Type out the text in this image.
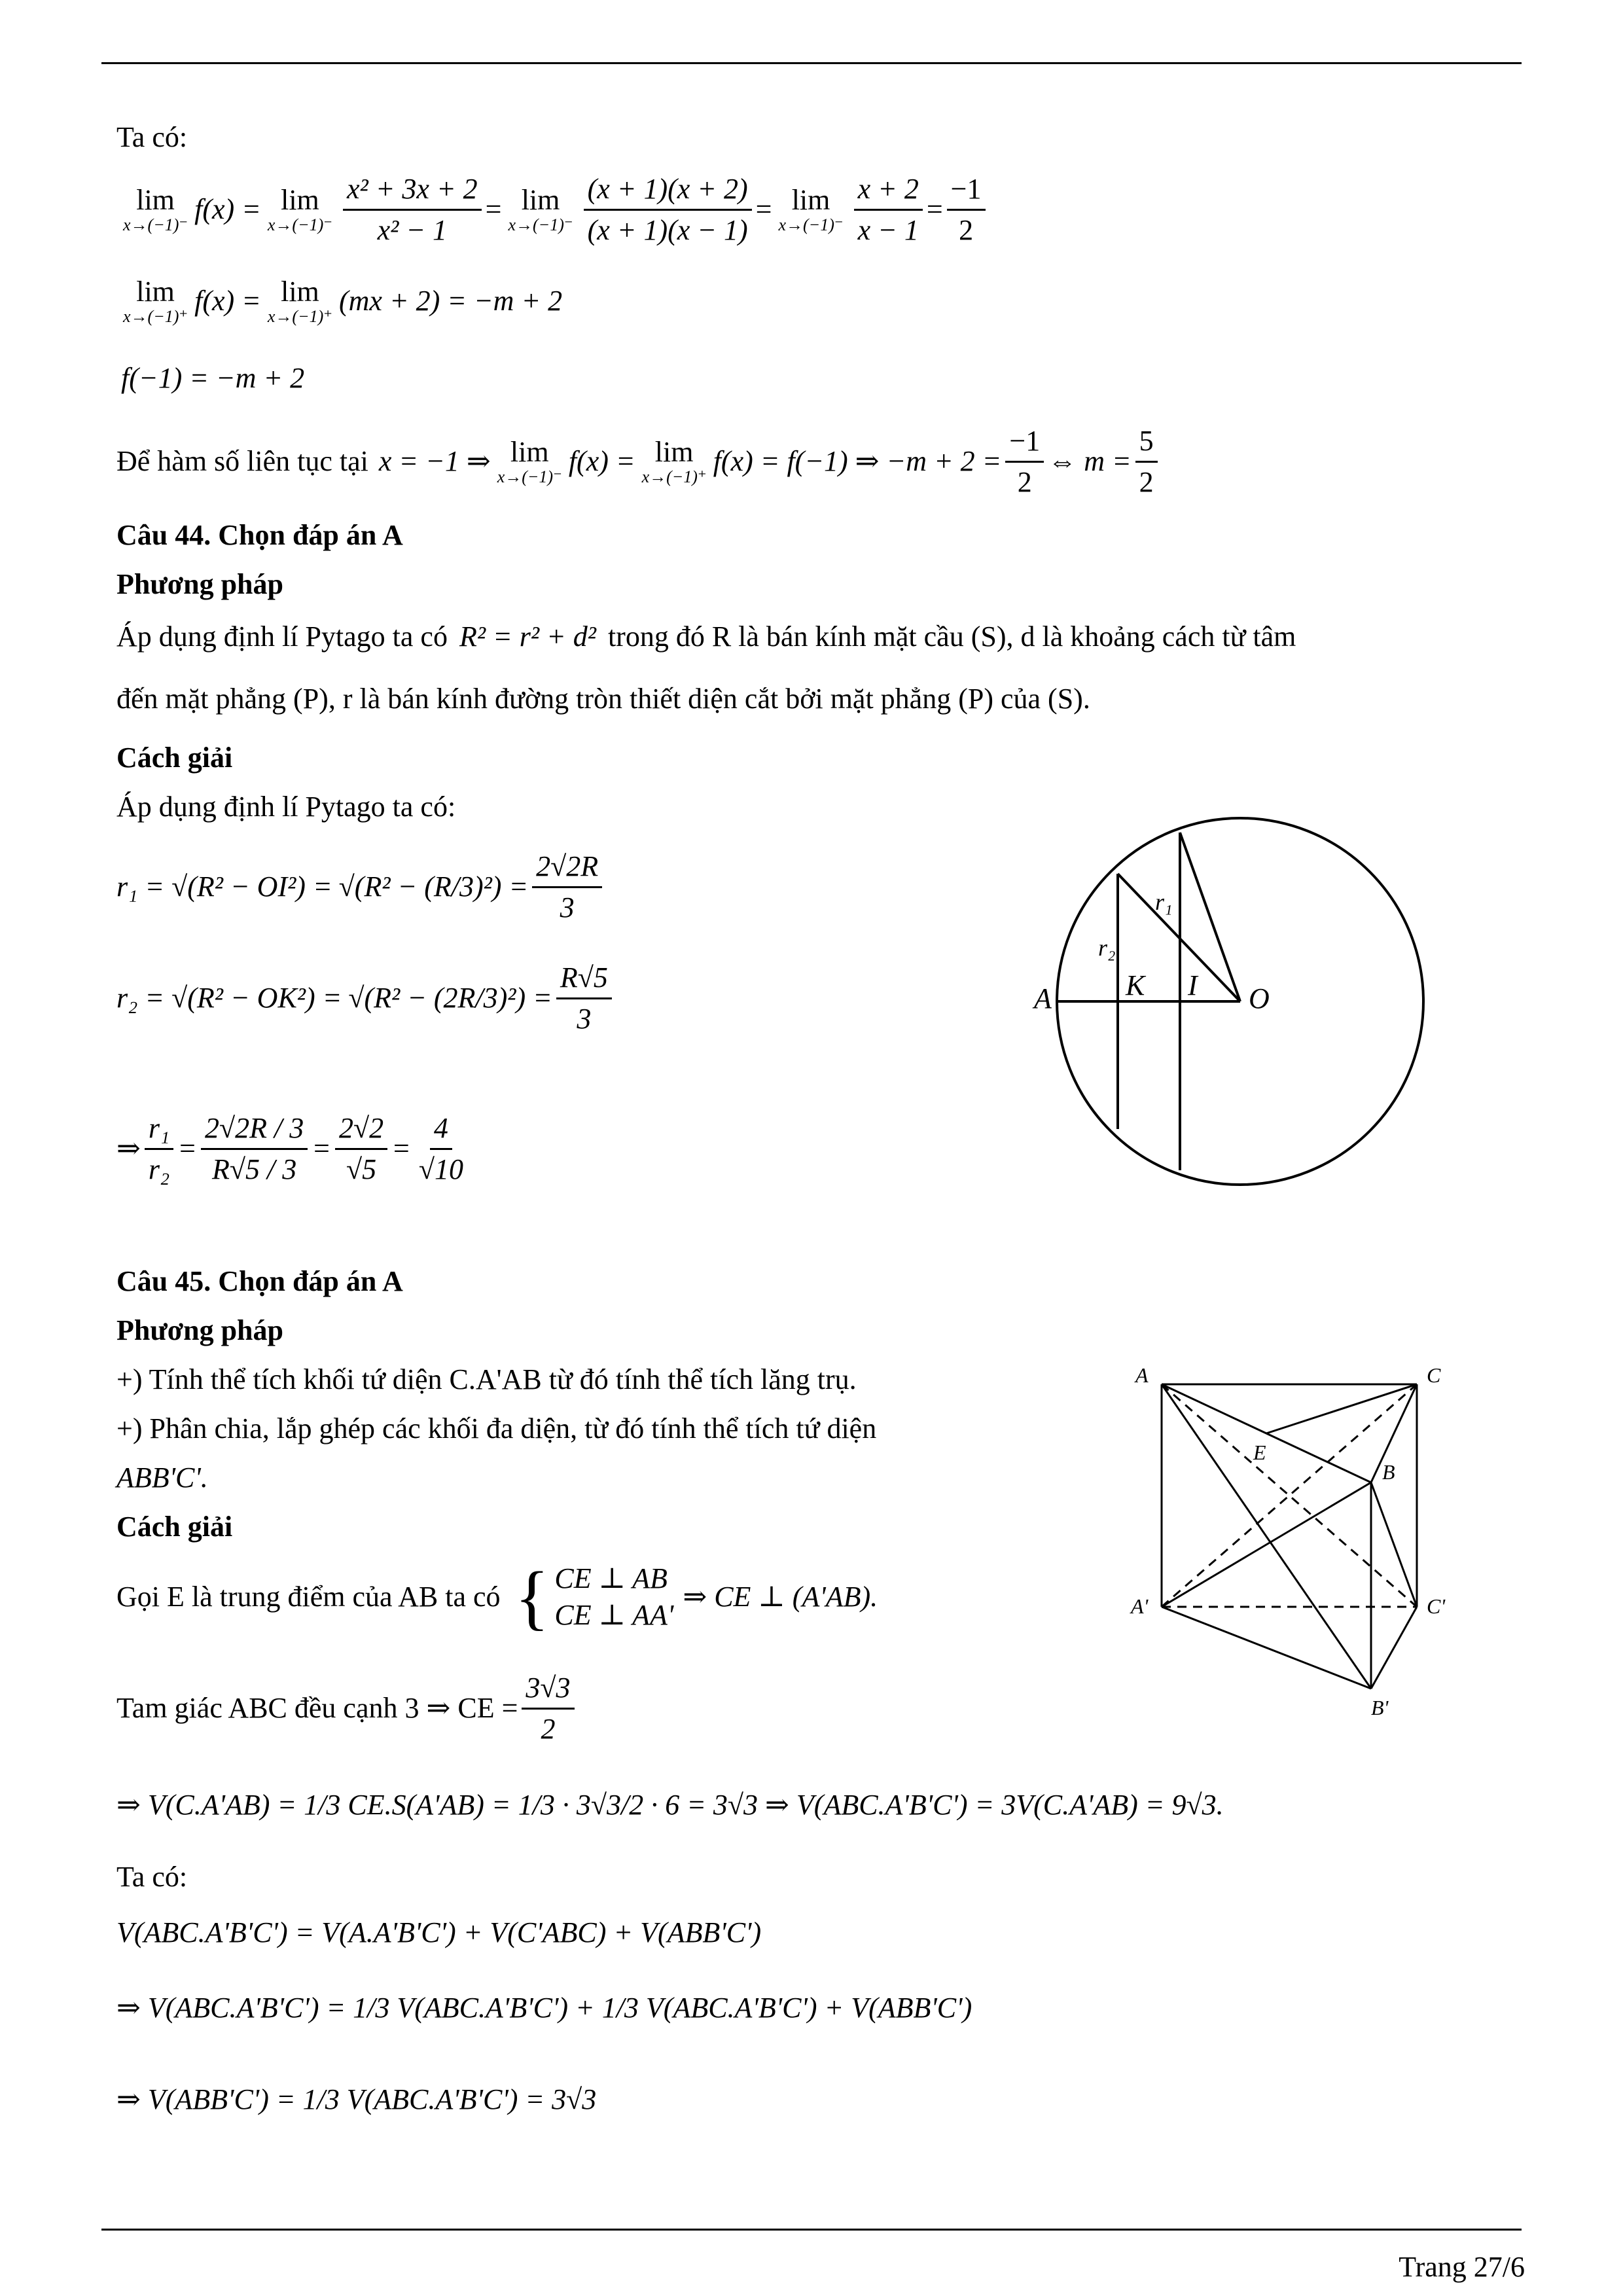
Ta có:
lim
x→(−1)⁻ f(x) = lim
$x\to(-1)^- \frac{\text{x² + 3x + 2}}{\text{x² − 1}} = \lim$
$x\to(-1)^- \frac{(x + 1)(x + 2)}{(x + 1)(x - 1)} = \lim$
$x\to(-1)^- \frac{x + 2}{x - 1} = \frac{-1}{2}$
lim
x→(−1)⁺ f(x) = lim
x→(−1)⁺ (mx + 2) = −m + 2
f(−1) = −m + 2
Để hàm số liên tục tại x = −1 ⇒ lim
x→(−1)⁻ f(x) = lim
x→(−1)⁺ f(x) = f(−1) ⇒ $-m + 2 = \frac{-1}{2}$ ⇔ $m = \frac{5}{2}$
Câu 44. Chọn đáp án A
Phương pháp
Áp dụng định lí Pytago ta có R² = r² + d² trong đó R là bán kính mặt cầu (S), d là khoảng cách từ tâm
đến mặt phẳng (P), r là bán kính đường tròn thiết diện cắt bởi mặt phẳng (P) của (S).
Cách giải
Áp dụng định lí Pytago ta có:
$r_1 = √(R^2 - OI^2) = √(R^2 - (R/3)^2) = \frac{2√2R}{3}$
$r_2 = √(R^2 - OK^2) = √(R^2 - (2R/3)^2) = \frac{R√5}{3}$
⇒ $\frac{\text{r₁}}{\text{r₂}} = \frac{2√2R / 3}{R√5 / 3} = \frac{2√2}{√5} = \frac{4}{√10}$
A	K I O
r₁
r₂
Câu 45. Chọn đáp án A
Phương pháp
+) Tính thể tích khối tứ diện C.A'AB từ đó tính thể tích lăng trụ.
+) Phân chia, lắp ghép các khối đa diện, từ đó tính thể tích tứ diện
ABB'C'.
Cách giải
Gọi E là trung điểm của AB ta có { CE ⊥ AB
CE ⊥ AA'
⇒ CE ⊥ (A'AB).
Tam giác ABC đều cạnh 3 ⇒ CE = $\frac{3√3}{2}$
⇒ V(C.A'AB) = 1/3 CE.S(A'AB) = 1/3 · 3√3/2 · 6 = 3√3 ⇒ V(ABC.A'B'C') = 3V(C.A'AB) = 9√3.
Ta có:
V(ABC.A'B'C') = V(A.A'B'C') + V(C'ABC) + V(ABB'C')
⇒ V(ABC.A'B'C') = 1/3 V(ABC.A'B'C') + 1/3 V(ABC.A'B'C') + V(ABB'C')
⇒ V(ABB'C') = 1/3 V(ABC.A'B'C') = 3√3
A	C
E
B
A'	C'
B'
Trang 27/6
